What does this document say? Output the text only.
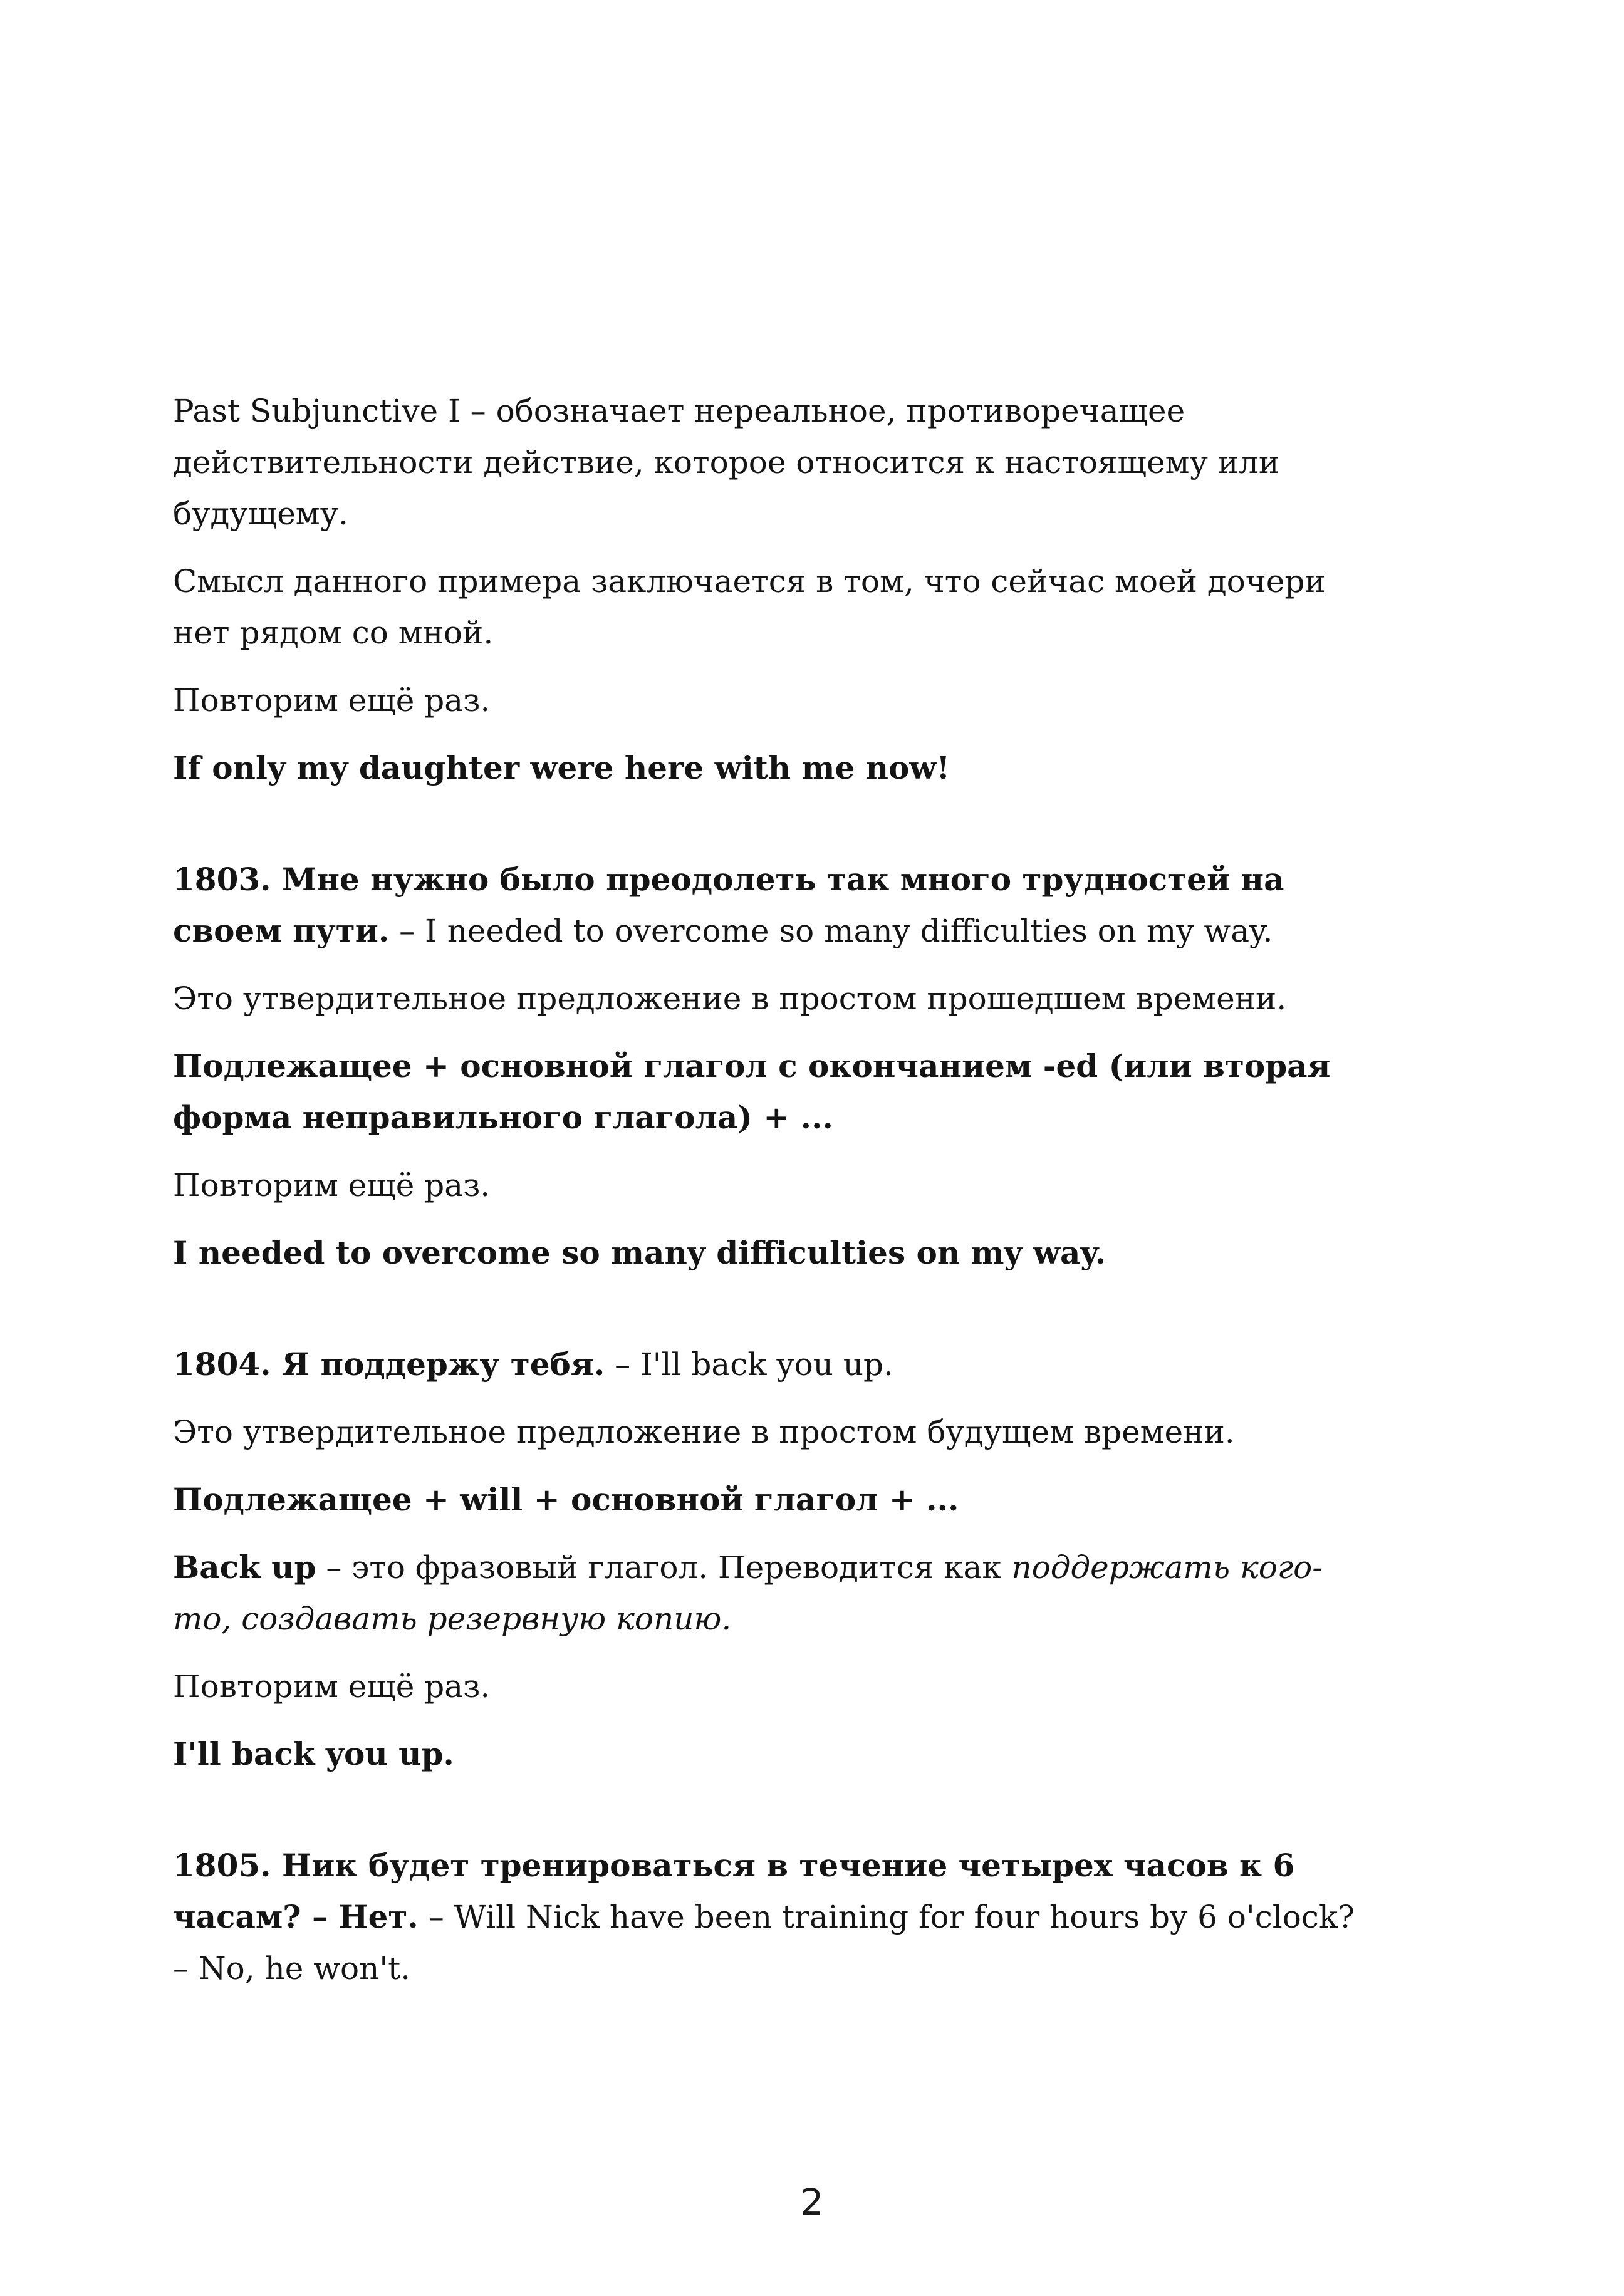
Past Subjunctive I – обозначает нереальное, противоречащее действительности действие, которое относится к настоящему или будущему.

Смысл данного примера заключается в том, что сейчас моей дочери нет рядом со мной.

Повторим ещё раз.

If only my daughter were here with me now!

1803. Мне нужно было преодолеть так много трудностей на своем пути. – I needed to overcome so many difficulties on my way.

Это утвердительное предложение в простом прошедшем времени.

Подлежащее + основной глагол с окончанием -ed (или вторая форма неправильного глагола) + ...

Повторим ещё раз.

I needed to overcome so many difficulties on my way.

1804. Я поддержу тебя. – I'll back you up.

Это утвердительное предложение в простом будущем времени.

Подлежащее + will + основной глагол + ...

Back up – это фразовый глагол. Переводится как поддержать кого-то, создавать резервную копию.

Повторим ещё раз.

I'll back you up.

1805. Ник будет тренироваться в течение четырех часов к 6 часам? – Нет. – Will Nick have been training for four hours by 6 o'clock? – No, he won't.

2
